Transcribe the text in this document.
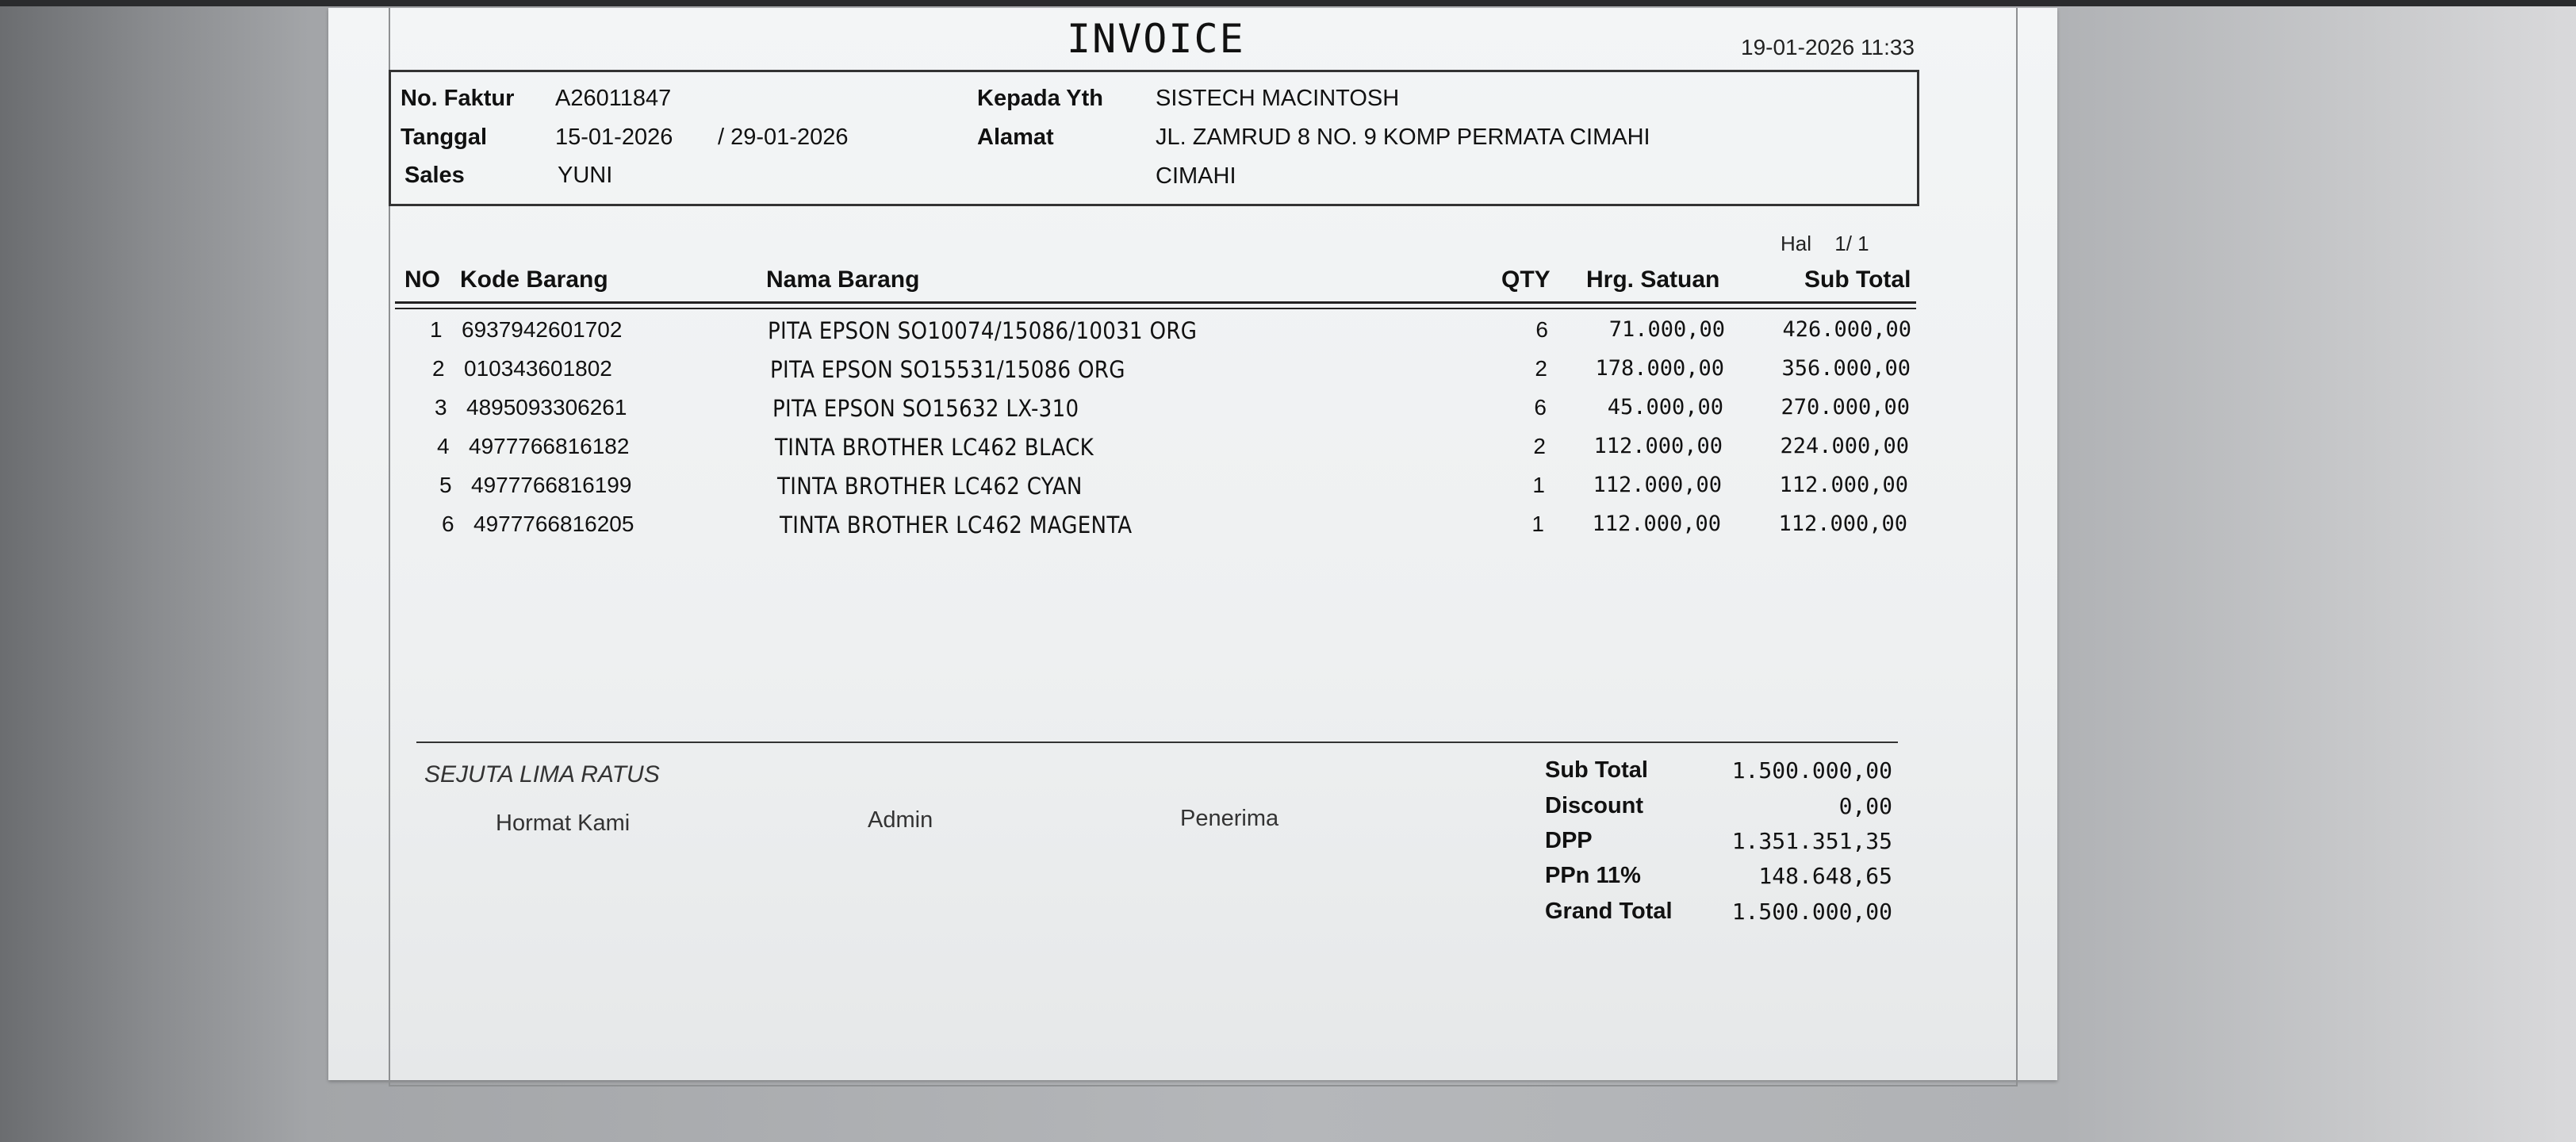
INVOICE	19-01-2026 11:33
No. Faktur A26011847
Tanggal	15-01-2026 / 29-01-2026
Sales	YUNI
Kepada Yth SISTECH MACINTOSH
Alamat	JL. ZAMRUD 8 NO. 9 KOMP PERMATA CIMAHI
CIMAHI
Hal 1/ 1
NO Kode Barang	Nama Barang	QTY Hrg. Satuan	Sub Total
1 6937942601702	PITA EPSON SO10074/15086/10031 ORG	6	71.000,00	426.000,00
2 010343601802	PITA EPSON SO15531/15086 ORG	2 178.000,00	356.000,00
3 4895093306261	PITA EPSON SO15632 LX-310	6	45.000,00	270.000,00
4 4977766816182	TINTA BROTHER LC462 BLACK	2 112.000,00	224.000,00
5 4977766816199	TINTA BROTHER LC462 CYAN	1 112.000,00	112.000,00
6 4977766816205	TINTA BROTHER LC462 MAGENTA	1 112.000,00	112.000,00
SEJUTA LIMA RATUS
Hormat Kami	Admin	Penerima
Sub Total	1.500.000,00
Discount	0,00
DPP	1.351.351,35
PPn 11%	148.648,65
Grand Total	1.500.000,00
